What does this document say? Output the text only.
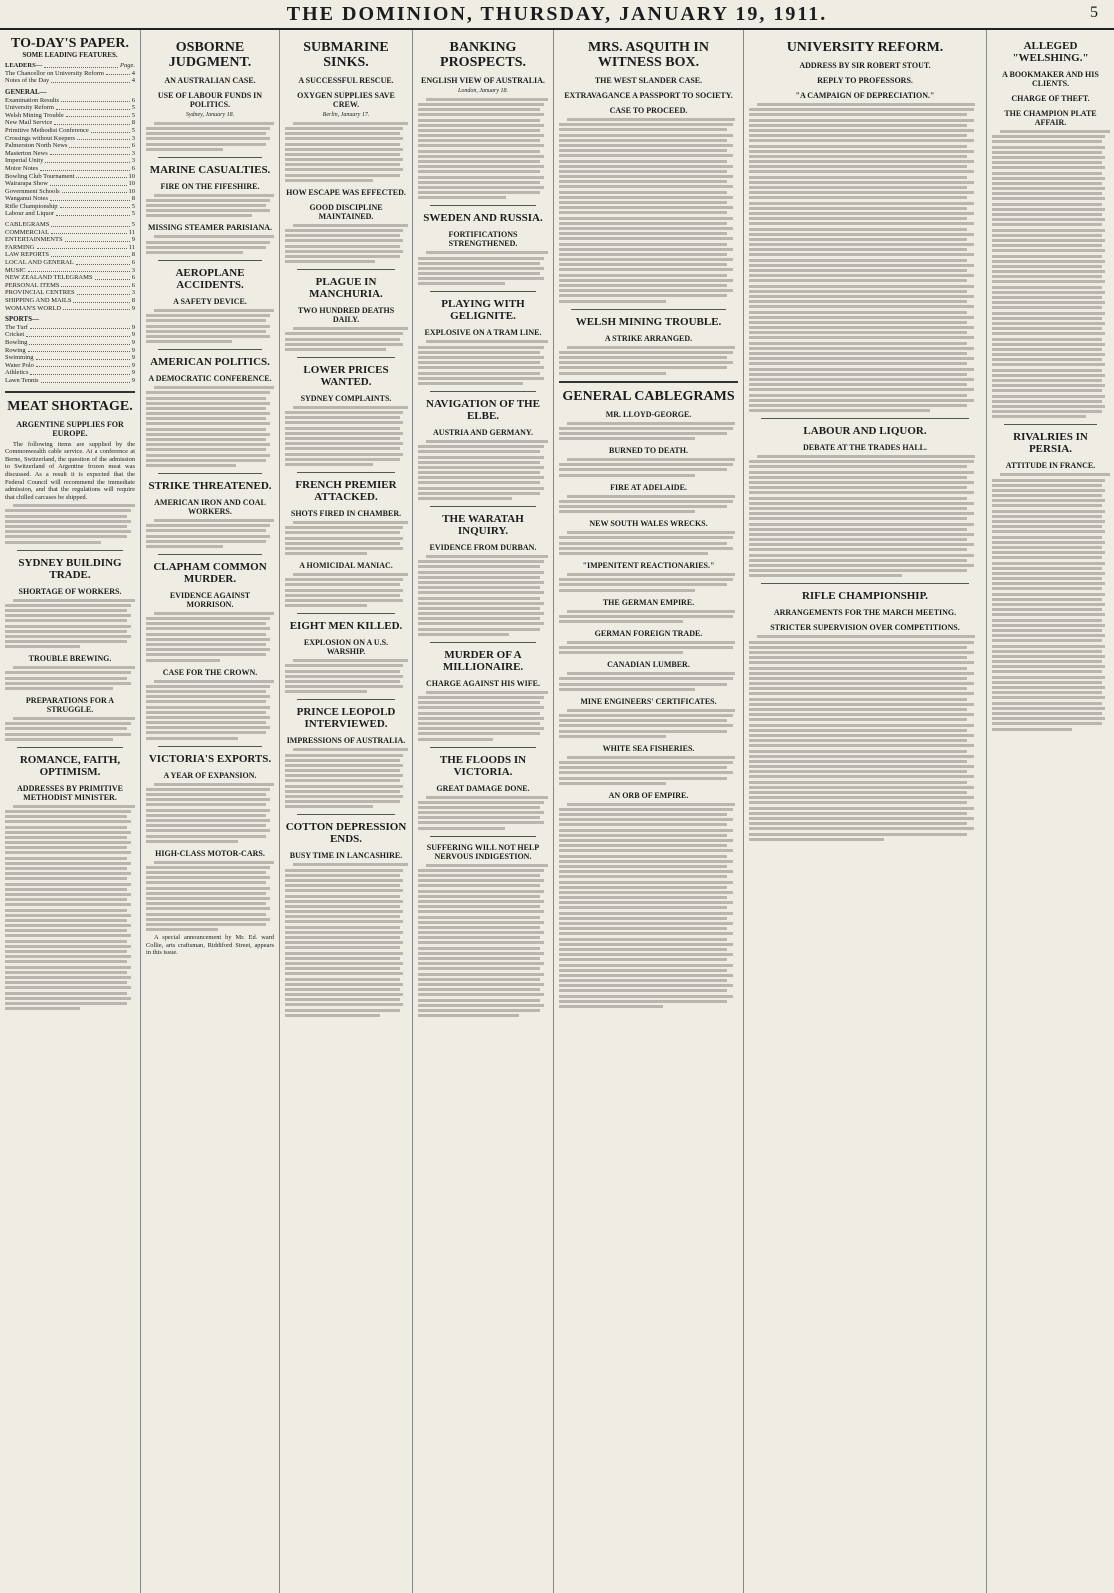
THE DOMINION, THURSDAY, JANUARY 19, 1911.	5
TO-DAY'S PAPER.
SOME LEADING FEATURES.
LEADERS—	Page.
The Chancellor on University Reform	4
Notes of the Day	4
GENERAL—
Examination Results	6
University Reform	5
Welsh Mining Trouble	5
New Mail Service	8
Primitive Methodist Conference	5
Crossings without Keepers	3
Palmerston North News	6
Masterton News	3
Imperial Unity	3
Motor Notes	6
Bowling Club Tournament	10
Wairarapa Show	10
Government Schools	10
Wanganui Notes	8
Rifle Championship	5
Labour and Liquor	5
CABLEGRAMS	5
COMMERCIAL	11
ENTERTAINMENTS	9
FARMING	11
LAW REPORTS	8
LOCAL AND GENERAL	6
MUSIC	3
NEW ZEALAND TELEGRAMS	6
PERSONAL ITEMS	6
PROVINCIAL CENTRES	3
SHIPPING AND MAILS	8
WOMAN'S WORLD	9
SPORTS—
The Turf	9
Cricket	9
Bowling	9
Rowing	9
Swimming	9
Water Polo	9
Athletics	9
Lawn Tennis	9
MEAT SHORTAGE.
ARGENTINE SUPPLIES FOR EUROPE.
The following items are supplied by the Commonwealth cable service. At a conference at Berne, Switzerland, the question of the admission to Switzerland of Argentine frozen meat was discussed. As a result it is expected that the Federal Council will recommend the immediate admission, and that the regulations will require that chilled carcases be shipped.
SYDNEY BUILDING TRADE.
SHORTAGE OF WORKERS.
TROUBLE BREWING.
PREPARATIONS FOR A STRUGGLE.
ROMANCE, FAITH, OPTIMISM.
ADDRESSES BY PRIMITIVE METHODIST MINISTER.
OSBORNE JUDGMENT.
AN AUSTRALIAN CASE.
USE OF LABOUR FUNDS IN POLITICS.
Sydney, January 18.
MARINE CASUALTIES.
FIRE ON THE FIFESHIRE.
MISSING STEAMER PARISIANA.
AEROPLANE ACCIDENTS.
A SAFETY DEVICE.
AMERICAN POLITICS.
A DEMOCRATIC CONFERENCE.
STRIKE THREATENED.
AMERICAN IRON AND COAL WORKERS.
CLAPHAM COMMON MURDER.
EVIDENCE AGAINST MORRISON.
CASE FOR THE CROWN.
VICTORIA'S EXPORTS.
A YEAR OF EXPANSION.
HIGH-CLASS MOTOR-CARS.
A special announcement by Mr. Ed. ward Collie, arts craftsman, Riddiford Street, appears in this issue.
SUBMARINE SINKS.
A SUCCESSFUL RESCUE.
OXYGEN SUPPLIES SAVE CREW.
Berlin, January 17.
HOW ESCAPE WAS EFFECTED.
GOOD DISCIPLINE MAINTAINED.
PLAGUE IN MANCHURIA.
TWO HUNDRED DEATHS DAILY.
LOWER PRICES WANTED.
SYDNEY COMPLAINTS.
FRENCH PREMIER ATTACKED.
SHOTS FIRED IN CHAMBER.
A HOMICIDAL MANIAC.
EIGHT MEN KILLED.
EXPLOSION ON A U.S. WARSHIP.
PRINCE LEOPOLD INTERVIEWED.
IMPRESSIONS OF AUSTRALIA.
COTTON DEPRESSION ENDS.
BUSY TIME IN LANCASHIRE.
BANKING PROSPECTS.
ENGLISH VIEW OF AUSTRALIA.
London, January 18.
SWEDEN AND RUSSIA.
FORTIFICATIONS STRENGTHENED.
PLAYING WITH GELIGNITE.
EXPLOSIVE ON A TRAM LINE.
NAVIGATION OF THE ELBE.
AUSTRIA AND GERMANY.
THE WARATAH INQUIRY.
EVIDENCE FROM DURBAN.
MURDER OF A MILLIONAIRE.
CHARGE AGAINST HIS WIFE.
THE FLOODS IN VICTORIA.
GREAT DAMAGE DONE.
SUFFERING WILL NOT HELP NERVOUS INDIGESTION.
MRS. ASQUITH IN WITNESS BOX.
THE WEST SLANDER CASE.
EXTRAVAGANCE A PASSPORT TO SOCIETY.
CASE TO PROCEED.
WELSH MINING TROUBLE.
A STRIKE ARRANGED.
GENERAL CABLEGRAMS
MR. LLOYD-GEORGE.
BURNED TO DEATH.
FIRE AT ADELAIDE.
NEW SOUTH WALES WRECKS.
"IMPENITENT REACTIONARIES."
THE GERMAN EMPIRE.
GERMAN FOREIGN TRADE.
CANADIAN LUMBER.
MINE ENGINEERS' CERTIFICATES.
WHITE SEA FISHERIES.
AN ORB OF EMPIRE.
UNIVERSITY REFORM.
ADDRESS BY SIR ROBERT STOUT.
REPLY TO PROFESSORS.
"A CAMPAIGN OF DEPRECIATION."
LABOUR AND LIQUOR.
DEBATE AT THE TRADES HALL.
RIFLE CHAMPIONSHIP.
ARRANGEMENTS FOR THE MARCH MEETING.
STRICTER SUPERVISION OVER COMPETITIONS.
ALLEGED "WELSHING."
A BOOKMAKER AND HIS CLIENTS.
CHARGE OF THEFT.
THE CHAMPION PLATE AFFAIR.
RIVALRIES IN PERSIA.
ATTITUDE IN FRANCE.
